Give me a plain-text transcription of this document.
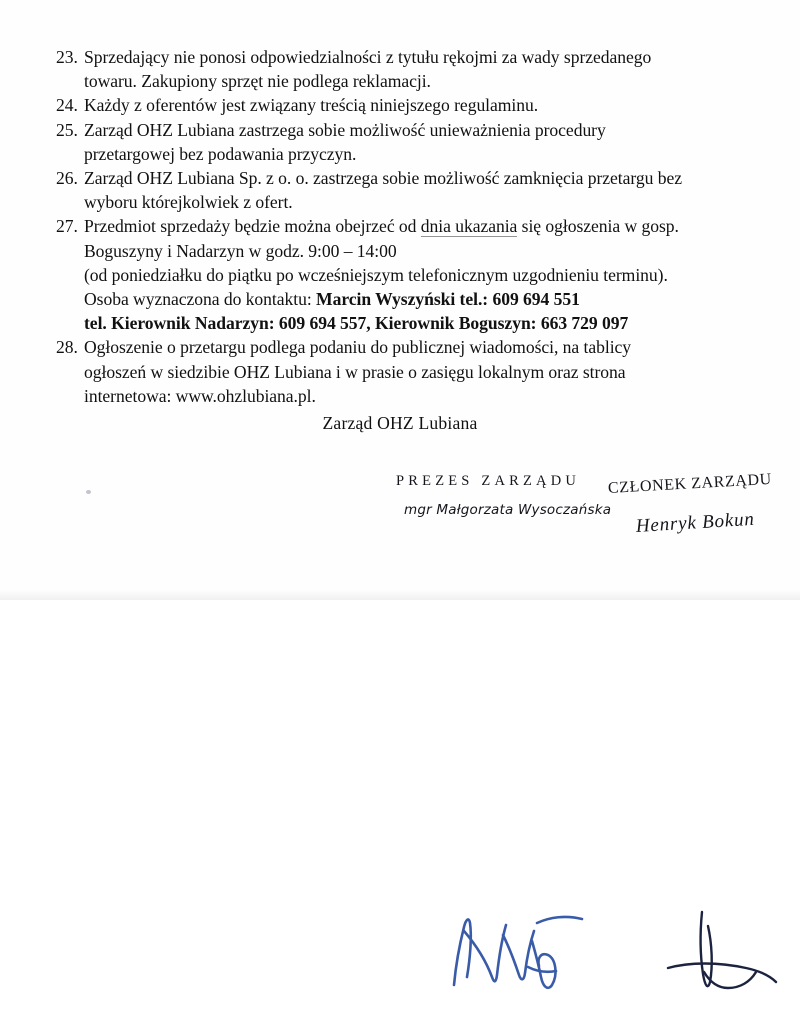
23. Sprzedający nie ponosi odpowiedzialności z tytułu rękojmi za wady sprzedanego
towaru. Zakupiony sprzęt nie podlega reklamacji.
24. Każdy z oferentów jest związany treścią niniejszego regulaminu.
25. Zarząd OHZ Lubiana zastrzega sobie możliwość unieważnienia procedury
przetargowej bez podawania przyczyn.
26. Zarząd OHZ Lubiana Sp. z o. o. zastrzega sobie możliwość zamknięcia przetargu bez
wyboru którejkolwiek z ofert.
27. Przedmiot sprzedaży będzie można obejrzeć od dnia ukazania się ogłoszenia w gosp.
Boguszyny i Nadarzyn w godz. 9:00 – 14:00
(od poniedziałku do piątku po wcześniejszym telefonicznym uzgodnieniu terminu).
Osoba wyznaczona do kontaktu: Marcin Wyszyński tel.: 609 694 551
tel. Kierownik Nadarzyn: 609 694 557, Kierownik Boguszyn: 663 729 097
28. Ogłoszenie o przetargu podlega podaniu do publicznej wiadomości, na tablicy
ogłoszeń w siedzibie OHZ Lubiana i w prasie o zasięgu lokalnym oraz strona
internetowa: www.ohzlubiana.pl.
Zarząd OHZ Lubiana
PREZES ZARZĄDU
mgr Małgorzata Wysoczańska
CZŁONEK ZARZĄDU
Henryk Bokun
